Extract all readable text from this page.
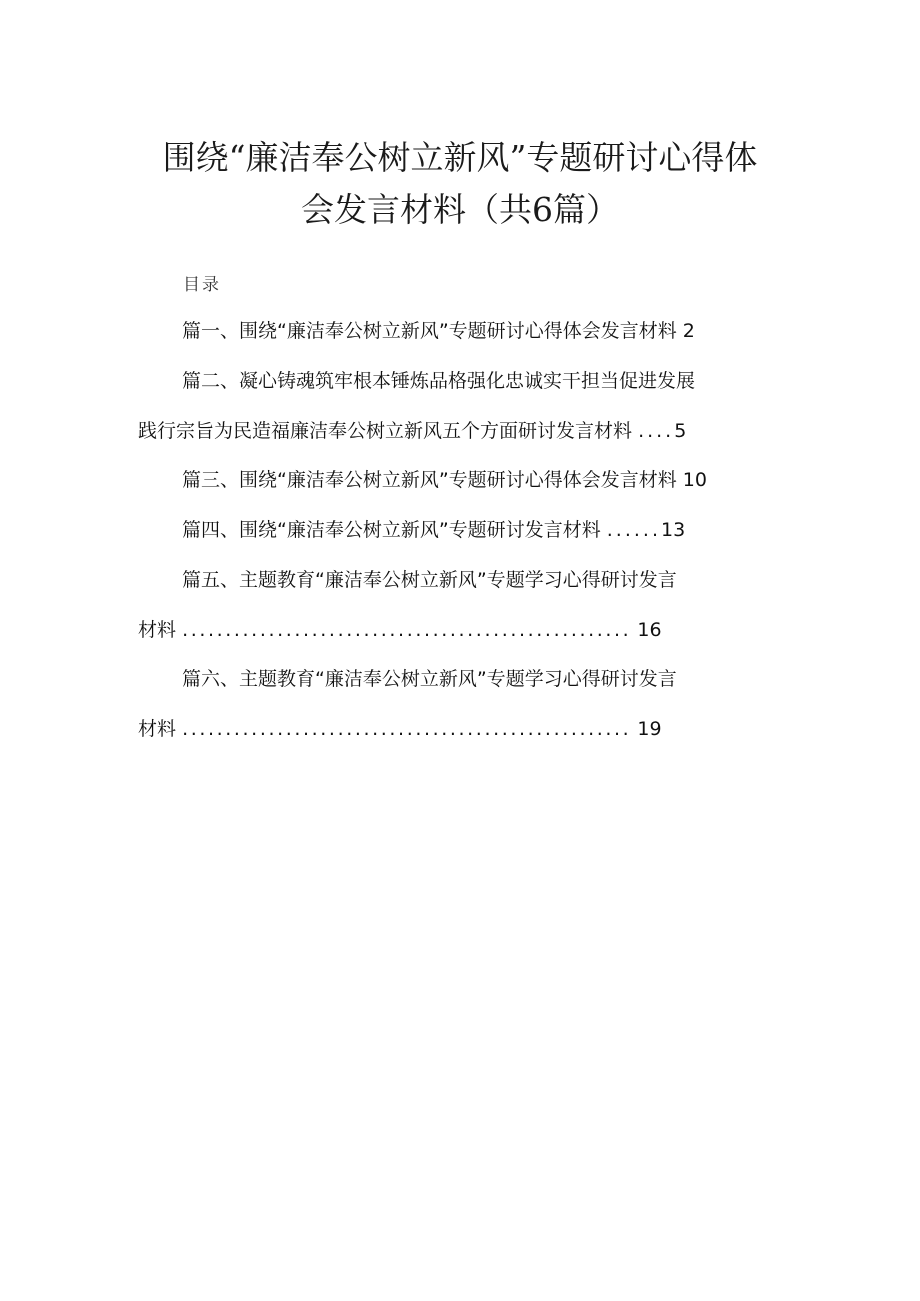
围绕“廉洁奉公树立新风”专题研讨心得体
会发言材料（共6篇）
目录
篇一、围绕“廉洁奉公树立新风”专题研讨心得体会发言材料 2
篇二、凝心铸魂筑牢根本锤炼品格强化忠诚实干担当促进发展
践行宗旨为民造福廉洁奉公树立新风五个方面研讨发言材料 ....5
篇三、围绕“廉洁奉公树立新风”专题研讨心得体会发言材料 10
篇四、围绕“廉洁奉公树立新风”专题研讨发言材料 ......13
篇五、主题教育“廉洁奉公树立新风”专题学习心得研讨发言
材料 .................................................... 16
篇六、主题教育“廉洁奉公树立新风”专题学习心得研讨发言
材料 .................................................... 19
